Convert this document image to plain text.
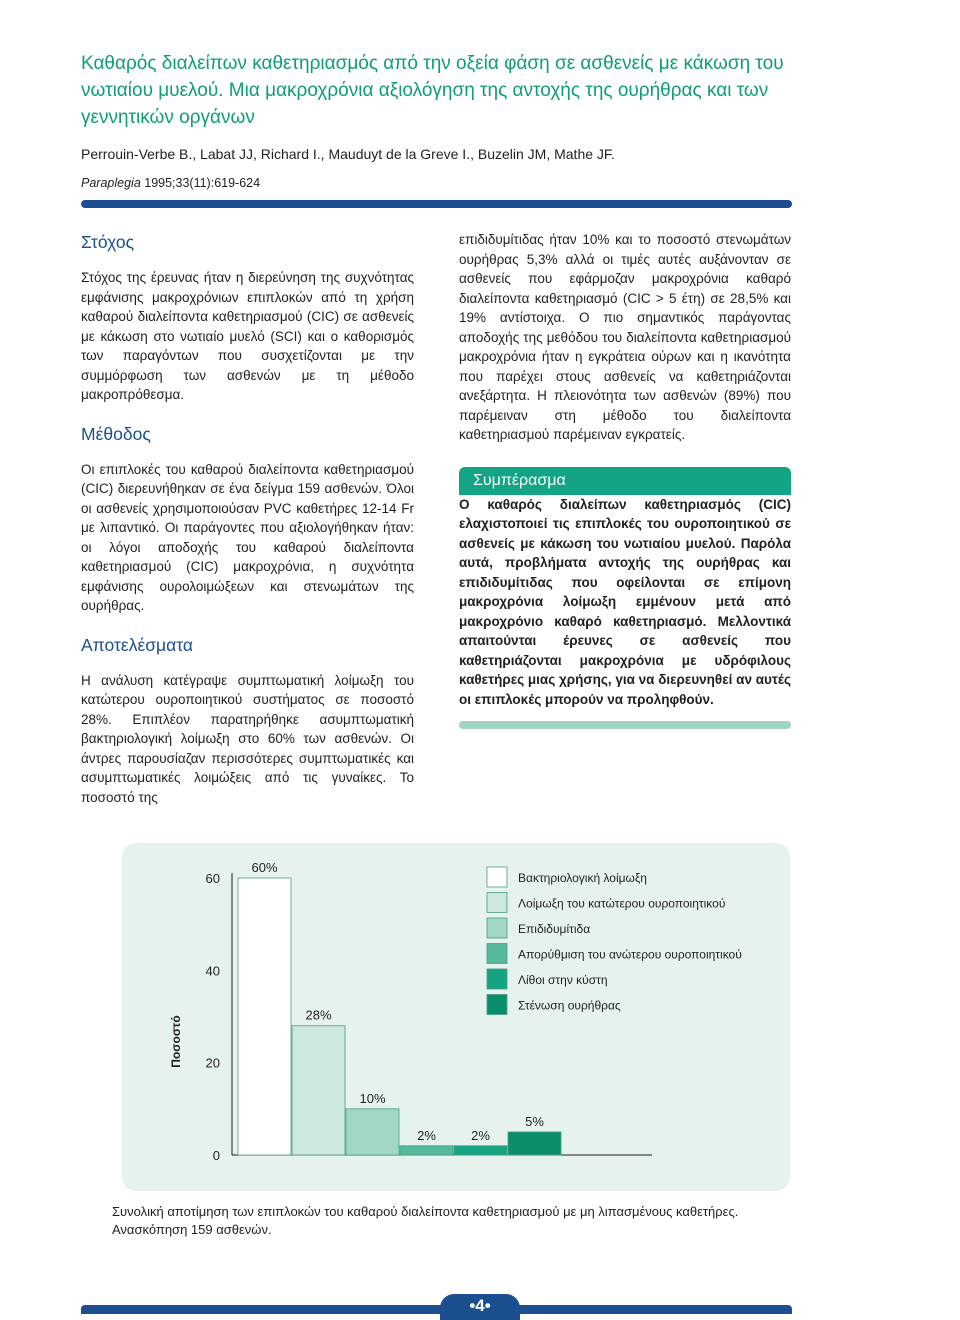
Καθαρός διαλείπων καθετηριασμός από την οξεία φάση σε ασθενείς με κάκωση του νωτιαίου μυελού. Μια μακροχρόνια αξιολόγηση της αντοχής της ουρήθρας και των γεννητικών οργάνων

Perrouin-Verbe B., Labat JJ, Richard I., Mauduyt de la Greve I., Buzelin JM, Mathe JF.

Paraplegia 1995;33(11):619-624

Στόχος

Στόχος της έρευνας ήταν η διερεύνηση της συχνότητας εμφάνισης μακροχρόνιων επιπλοκών από τη χρήση καθαρού διαλείποντα καθετηριασμού (CIC) σε ασθενείς με κάκωση στο νωτιαίο μυελό (SCI) και ο καθορισμός των παραγόντων που συσχετίζονται με την συμμόρφωση των ασθενών με τη μέθοδο μακροπρόθεσμα.

Μέθοδος

Οι επιπλοκές του καθαρού διαλείποντα καθετηριασμού (CIC) διερευνήθηκαν σε ένα δείγμα 159 ασθενών. Όλοι οι ασθενείς χρησιμοποιούσαν PVC καθετήρες 12-14 Fr με λιπαντικό. Οι παράγοντες που αξιολογήθηκαν ήταν: οι λόγοι αποδοχής του καθαρού διαλείποντα καθετηριασμού (CIC) μακροχρόνια, η συχνότητα εμφάνισης ουρολοιμώξεων και στενωμάτων της ουρήθρας.

Αποτελέσματα

Η ανάλυση κατέγραψε συμπτωματική λοίμωξη του κατώτερου ουροποιητικού συστήματος σε ποσοστό 28%. Επιπλέον παρατηρήθηκε ασυμπτωματική βακτηριολογική λοίμωξη στο 60% των ασθενών. Οι άντρες παρουσίαζαν περισσότερες συμπτωματικές και ασυμπτωματικές λοιμώξεις από τις γυναίκες. Το ποσοστό της

επιδιδυμίτιδας ήταν 10% και το ποσοστό στενωμάτων ουρήθρας 5,3% αλλά οι τιμές αυτές αυξάνονταν σε ασθενείς που εφάρμοζαν μακροχρόνια καθαρό διαλείποντα καθετηριασμό (CIC > 5 έτη) σε 28,5% και 19% αντίστοιχα. Ο πιο σημαντικός παράγοντας αποδοχής της μεθόδου του διαλείποντα καθετηριασμού μακροχρόνια ήταν η εγκράτεια ούρων και η ικανότητα που παρέχει στους ασθενείς να καθετηριάζονται ανεξάρτητα. Η πλειονότητα των ασθενών (89%) που παρέμειναν στη μέθοδο του διαλείποντα καθετηριασμού παρέμειναν εγκρατείς.

Συμπέρασμα

Ο καθαρός διαλείπων καθετηριασμός (CIC) ελαχιστοποιεί τις επιπλοκές του ουροποιητικού σε ασθενείς με κάκωση του νωτιαίου μυελού. Παρόλα αυτά, προβλήματα αντοχής της ουρήθρας και επιδιδυμίτιδας που οφείλονται σε επίμονη μακροχρόνια λοίμωξη εμμένουν μετά από μακροχρόνιο καθαρό καθετηριασμό. Μελλοντικά απαιτούνται έρευνες σε ασθενείς που καθετηριάζονται μακροχρόνια με υδρόφιλους καθετήρες μιας χρήσης, για να διερευνηθεί αν αυτές οι επιπλοκές μπορούν να προληφθούν.

Ποσοστό
0
20
40
60
60%
28%
10%
2%	2%
5%
Βακτηριολογική λοίμωξη
Λοίμωξη του κατώτερου ουροποιητικού
Επιδιδυμίτιδα
Απορύθμιση του ανώτερου ουροποιητικού
Λίθοι στην κύστη
Στένωση ουρήθρας

Συνολική αποτίμηση των επιπλοκών του καθαρού διαλείποντα καθετηριασμού με μη λιπασμένους καθετήρες. Ανασκόπηση 159 ασθενών.

•4•
